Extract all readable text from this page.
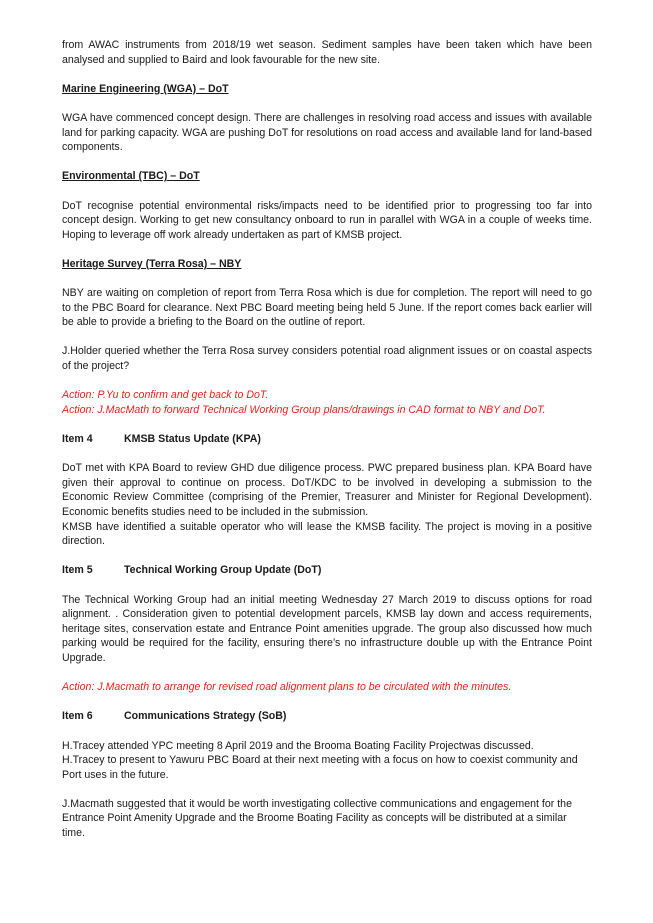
from AWAC instruments from 2018/19 wet season. Sediment samples have been taken which have been analysed and supplied to Baird and look favourable for the new site.

Marine Engineering (WGA) – DoT

WGA have commenced concept design. There are challenges in resolving road access and issues with available land for parking capacity. WGA are pushing DoT for resolutions on road access and available land for land-based components.

Environmental (TBC) – DoT

DoT recognise potential environmental risks/impacts need to be identified prior to progressing too far into concept design. Working to get new consultancy onboard to run in parallel with WGA in a couple of weeks time. Hoping to leverage off work already undertaken as part of KMSB project.

Heritage Survey (Terra Rosa) – NBY

NBY are waiting on completion of report from Terra Rosa which is due for completion. The report will need to go to the PBC Board for clearance. Next PBC Board meeting being held 5 June. If the report comes back earlier will be able to provide a briefing to the Board on the outline of report.

J.Holder queried whether the Terra Rosa survey considers potential road alignment issues or on coastal aspects of the project?

Action: P.Yu to confirm and get back to DoT.

Action: J.MacMath to forward Technical Working Group plans/drawings in CAD format to NBY and DoT.

Item 4	KMSB Status Update (KPA)

DoT met with KPA Board to review GHD due diligence process. PWC prepared business plan. KPA Board have given their approval to continue on process. DoT/KDC to be involved in developing a submission to the Economic Review Committee (comprising of the Premier, Treasurer and Minister for Regional Development). Economic benefits studies need to be included in the submission.

KMSB have identified a suitable operator who will lease the KMSB facility. The project is moving in a positive direction.

Item 5	Technical Working Group Update (DoT)

The Technical Working Group had an initial meeting Wednesday 27 March 2019 to discuss options for road alignment. . Consideration given to potential development parcels, KMSB lay down and access requirements, heritage sites, conservation estate and Entrance Point amenities upgrade. The group also discussed how much parking would be required for the facility, ensuring there’s no infrastructure double up with the Entrance Point Upgrade.

Action: J.Macmath to arrange for revised road alignment plans to be circulated with the minutes.

Item 6	Communications Strategy (SoB)

H.Tracey attended YPC meeting 8 April 2019 and the Brooma Boating Facility Projectwas discussed.

H.Tracey to present to Yawuru PBC Board at their next meeting with a focus on how to coexist community and Port uses in the future.

J.Macmath suggested that it would be worth investigating collective communications and engagement for the Entrance Point Amenity Upgrade and the Broome Boating Facility as concepts will be distributed at a similar time.
